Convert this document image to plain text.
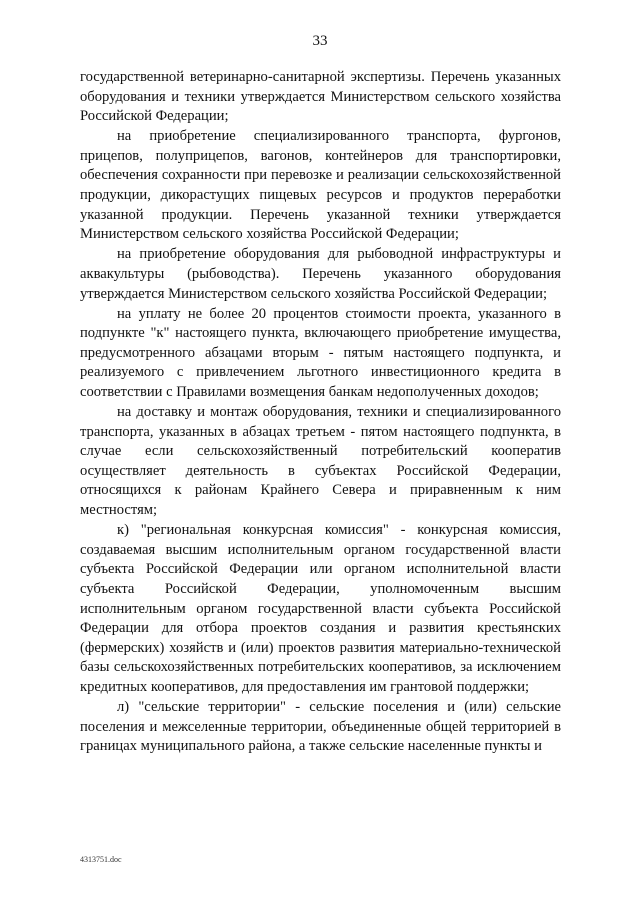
33

государственной ветеринарно-санитарной экспертизы. Перечень указанных оборудования и техники утверждается Министерством сельского хозяйства Российской Федерации;

на приобретение специализированного транспорта, фургонов, прицепов, полуприцепов, вагонов, контейнеров для транспортировки, обеспечения сохранности при перевозке и реализации сельскохозяйственной продукции, дикорастущих пищевых ресурсов и продуктов переработки указанной продукции. Перечень указанной техники утверждается Министерством сельского хозяйства Российской Федерации;

на приобретение оборудования для рыбоводной инфраструктуры и аквакультуры (рыбоводства). Перечень указанного оборудования утверждается Министерством сельского хозяйства Российской Федерации;

на уплату не более 20 процентов стоимости проекта, указанного в подпункте "к" настоящего пункта, включающего приобретение имущества, предусмотренного абзацами вторым - пятым настоящего подпункта, и реализуемого с привлечением льготного инвестиционного кредита в соответствии с Правилами возмещения банкам недополученных доходов;

на доставку и монтаж оборудования, техники и специализированного транспорта, указанных в абзацах третьем - пятом настоящего подпункта, в случае если сельскохозяйственный потребительский кооператив осуществляет деятельность в субъектах Российской Федерации, относящихся к районам Крайнего Севера и приравненным к ним местностям;

к) "региональная конкурсная комиссия" - конкурсная комиссия, создаваемая высшим исполнительным органом государственной власти субъекта Российской Федерации или органом исполнительной власти субъекта Российской Федерации, уполномоченным высшим исполнительным органом государственной власти субъекта Российской Федерации для отбора проектов создания и развития крестьянских (фермерских) хозяйств и (или) проектов развития материально-технической базы сельскохозяйственных потребительских кооперативов, за исключением кредитных кооперативов, для предоставления им грантовой поддержки;

л) "сельские территории" - сельские поселения и (или) сельские поселения и межселенные территории, объединенные общей территорией в границах муниципального района, а также сельские населенные пункты и

4313751.doc
